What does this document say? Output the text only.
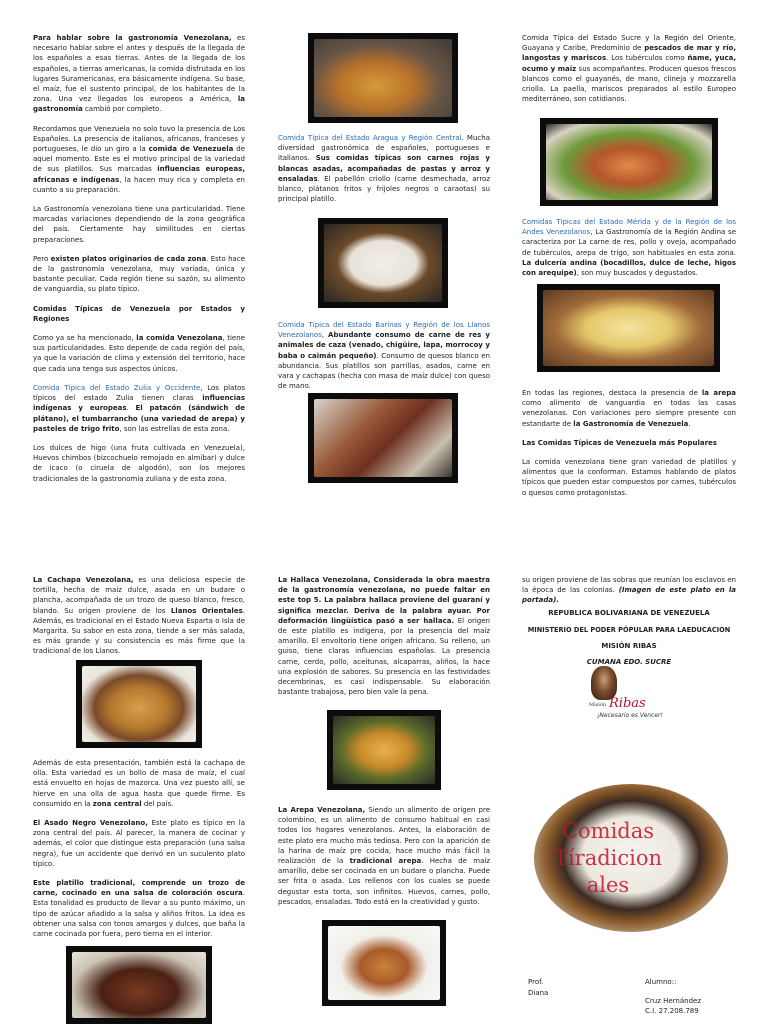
Para hablar sobre la gastronomía Venezolana, es necesario hablar sobre el antes y después de la llegada de los españoles a esas tierras. Antes de la llegada de los españoles, a tierras americanas, la comida disfrutada en los lugares Suramericanas, era básicamente indígena. Su base, el maíz, fue el sustento principal, de los habitantes de la zona. Una vez llegados los europeos a América, la gastronomía cambió por completo.

Recordamos que Venezuela no solo tuvo la presencia de Los Españoles. La presencia de italianos, africanos, franceses y portugueses, le dio un giro a la comida de Venezuela de aquel momento. Este es el motivo principal de la variedad de sus platillos. Sus marcadas influencias europeas, africanas e indígenas, la hacen muy rica y completa en cuanto a su preparación.

La Gastronomía venezolana tiene una particularidad. Tiene marcadas variaciones dependiendo de la zona geográfica del país. Ciertamente hay similitudes en ciertas preparaciones.

Pero existen platos originarios de cada zona. Esto hace de la gastronomía venezolana, muy variada, única y bastante peculiar. Cada región tiene su sazón, su alimento de vanguardia, su plato típico.

Comidas Típicas de Venezuela por Estados y Regiones

Como ya se ha mencionado, la comida Venezolana, tiene sus particularidades. Esto depende de cada región del país, ya que la variación de clima y extensión del territorio, hace que cada una tenga sus aspectos únicos.

Comida Típica del Estado Zulia y Occidente, Los platos típicos del estado Zulia tienen claras influencias indígenas y europeas. El patacón (sándwich de plátano), el tumbarrancho (una variedad de arepa) y pasteles de trigo frito, son las estrellas de esta zona.

Los dulces de higo (una fruta cultivada en Venezuela), Huevos chimbos (bizcochuelo remojado en almíbar) y dulce de icaco (o ciruela de algodón), son los mejores tradicionales de la gastronomía zuliana y de esta zona.

Comida Típica del Estado Aragua y Región Central. Mucha diversidad gastronómica de españoles, portugueses e italianos. Sus comidas típicas son carnes rojas y blancas asadas, acompañadas de pastas y arroz y ensaladas. El pabellón criollo (carne desmechada, arroz blanco, plátanos fritos y frijoles negros o caraotas) su principal platillo.

Comida Típica del Estado Barinas y Región de los Llanos Venezolanos, Abundante consumo de carne de res y animales de caza (venado, chigüire, lapa, morrocoy y baba o caimán pequeño). Consumo de quesos blanco en abundancia. Sus platillos son parrillas, asados, carne en vara y cachapas (hecha con masa de maíz dulce) con queso de mano.

Comida Típica del Estado Sucre y la Región del Oriente, Guayana y Caribe, Predominio de pescados de mar y río, langostas y mariscos. Los tubérculos como ñame, yuca, ocumo y maíz sus acompañantes. Producen quesos frescos blancos como el guayanés, de mano, clineja y mozzarella criolla. La paella, mariscos preparados al estilo Europeo mediterráneo, son cotidianos.

Comidas Típicas del Estado Mérida y de la Región de los Andes Venezolanos, La Gastronomía de la Región Andina se caracteriza por La carne de res, pollo y oveja, acompañado de tubérculos, arepa de trigo, son habituales en esta zona. La dulcería andina (bocadillos, dulce de leche, higos con arequipe), son muy buscados y degustados.

En todas las regiones, destaca la presencia de la arepa como alimento de vanguardia en todas las casas venezolanas. Con variaciones pero siempre presente con estandarte de la Gastronomía de Venezuela.

Las Comidas Típicas de Venezuela más Populares

La comida venezolana tiene gran variedad de platillos y alimentos que la conforman. Estamos hablando de platos típicos que pueden estar compuestos por carnes, tubérculos o quesos como protagonistas.

La Cachapa Venezolana, es una deliciosa especie de tortilla, hecha de maíz dulce, asada en un budare o plancha, acompañada de un trozo de queso blanco, fresco, blando. Su origen proviene de los Llanos Orientales. Además, es tradicional en el Estado Nueva Esparta o Isla de Margarita. Su sabor en esta zona, tiende a ser más salada, es más grande y su consistencia es más firme que la tradicional de los Llanos.

Además de esta presentación, también está la cachapa de olla. Esta variedad es un bollo de masa de maíz, el cual está envuelto en hojas de mazorca. Una vez puesto allí, se hierve en una olla de agua hasta que quede firme. Es consumido en la zona central del país.

El Asado Negro Venezolano, Este plato es típico en la zona central del país. Al parecer, la manera de cocinar y además, el color que distingue esta preparación (una salsa negra), fue un accidente que derivó en un suculento plato típico.

Este platillo tradicional, comprende un trozo de carne, cocinado en una salsa de coloración oscura. Esta tonalidad es producto de llevar a su punto máximo, un tipo de azúcar añadido a la salsa y aliños fritos. La idea es obtener una salsa con tonos amargos y dulces, que baña la carne cocinada por fuera, pero tierna en el interior.

La Hallaca Venezolana, Considerada la obra maestra de la gastronomía venezolana, no puede faltar en este top 5. La palabra hallaca proviene del guaraní y significa mezclar. Deriva de la palabra ayuar. Por deformación lingüística pasó a ser hallaca. El origen de este platillo es indígena, por la presencia del maíz amarillo. El envoltorio tiene origen africano. Su relleno, un guiso, tiene claras influencias españolas. La presencia carne, cerdo, pollo, aceitunas, alcaparras, aliños, la hace una explosión de sabores. Su presencia en las festividades decembrinas, es casi indispensable. Su elaboración bastante trabajosa, pero bien vale la pena.

La Arepa Venezolana, Siendo un alimento de origen pre colombino, es un alimento de consumo habitual en casi todos los hogares venezolanos. Antes, la elaboración de este plato era mucho más tediosa. Pero con la aparición de la harina de maíz pre cocida, hace mucho más fácil la realización de la tradicional arepa. Hecha de maíz amarillo, debe ser cocinada en un budare o plancha. Puede ser frita o asada. Los rellenos con los cuales se puede degustar esta torta, son infinitos. Huevos, carnes, pollo, pescados, ensaladas. Todo está en la creatividad y gusto.

su origen proviene de las sobras que reunían los esclavos en la época de las colonias. (Imagen de este plato en la portada).

REPUBLICA BOLIVARIANA DE VENEZUELA
MINISTERIO DEL PODER PÓPULAR PARA LAEDUCACION
MISIÓN RIBAS
CUMANA EDO. SUCRE
Misión Ribas
¡Necesario es Vencer!
Comidas Tíradicion ales
Prof.
Diana
Alumno::
Cruz Hernández
C.I. 27.208.789
